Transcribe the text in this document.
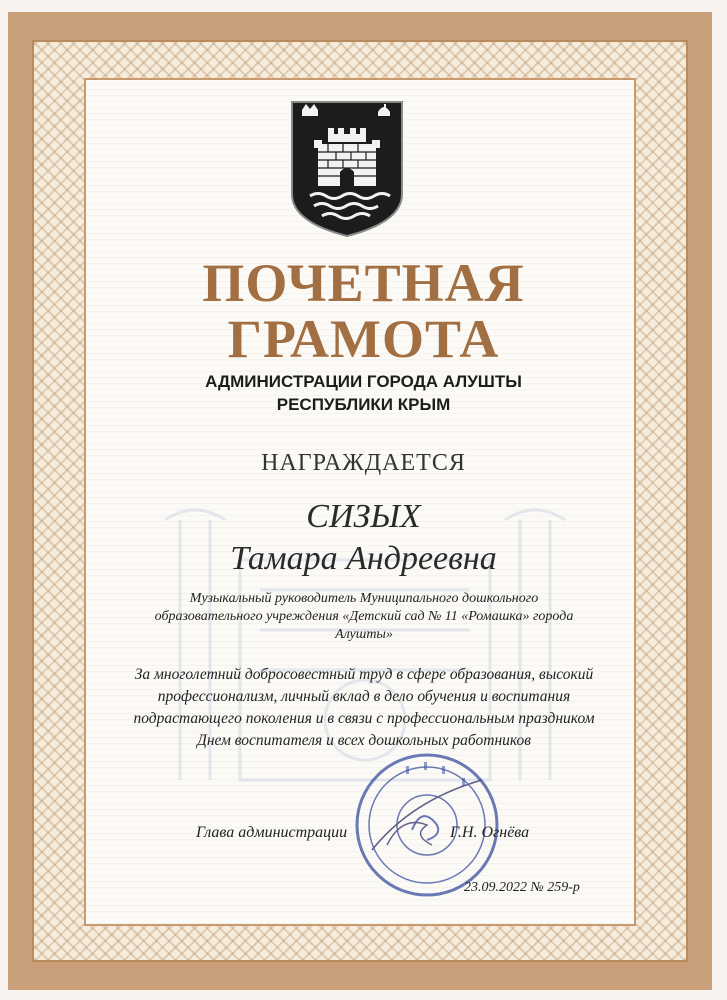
ПОЧЕТНАЯ
ГРАМОТА
АДМИНИСТРАЦИИ ГОРОДА АЛУШТЫ
РЕСПУБЛИКИ КРЫМ
НАГРАЖДАЕТСЯ
СИЗЫХ
Тамара Андреевна
Музыкальный руководитель Муниципального дошкольного образовательного учреждения «Детский сад № 11 «Ромашка» города Алушты»
За многолетний добросовестный труд в сфере образования, высокий профессионализм, личный вклад в дело обучения и воспитания подрастающего поколения и в связи с профессиональным праздником Днем воспитателя и всех дошкольных работников
Глава администрации	Г.Н. Огнёва
23.09.2022 № 259-р
